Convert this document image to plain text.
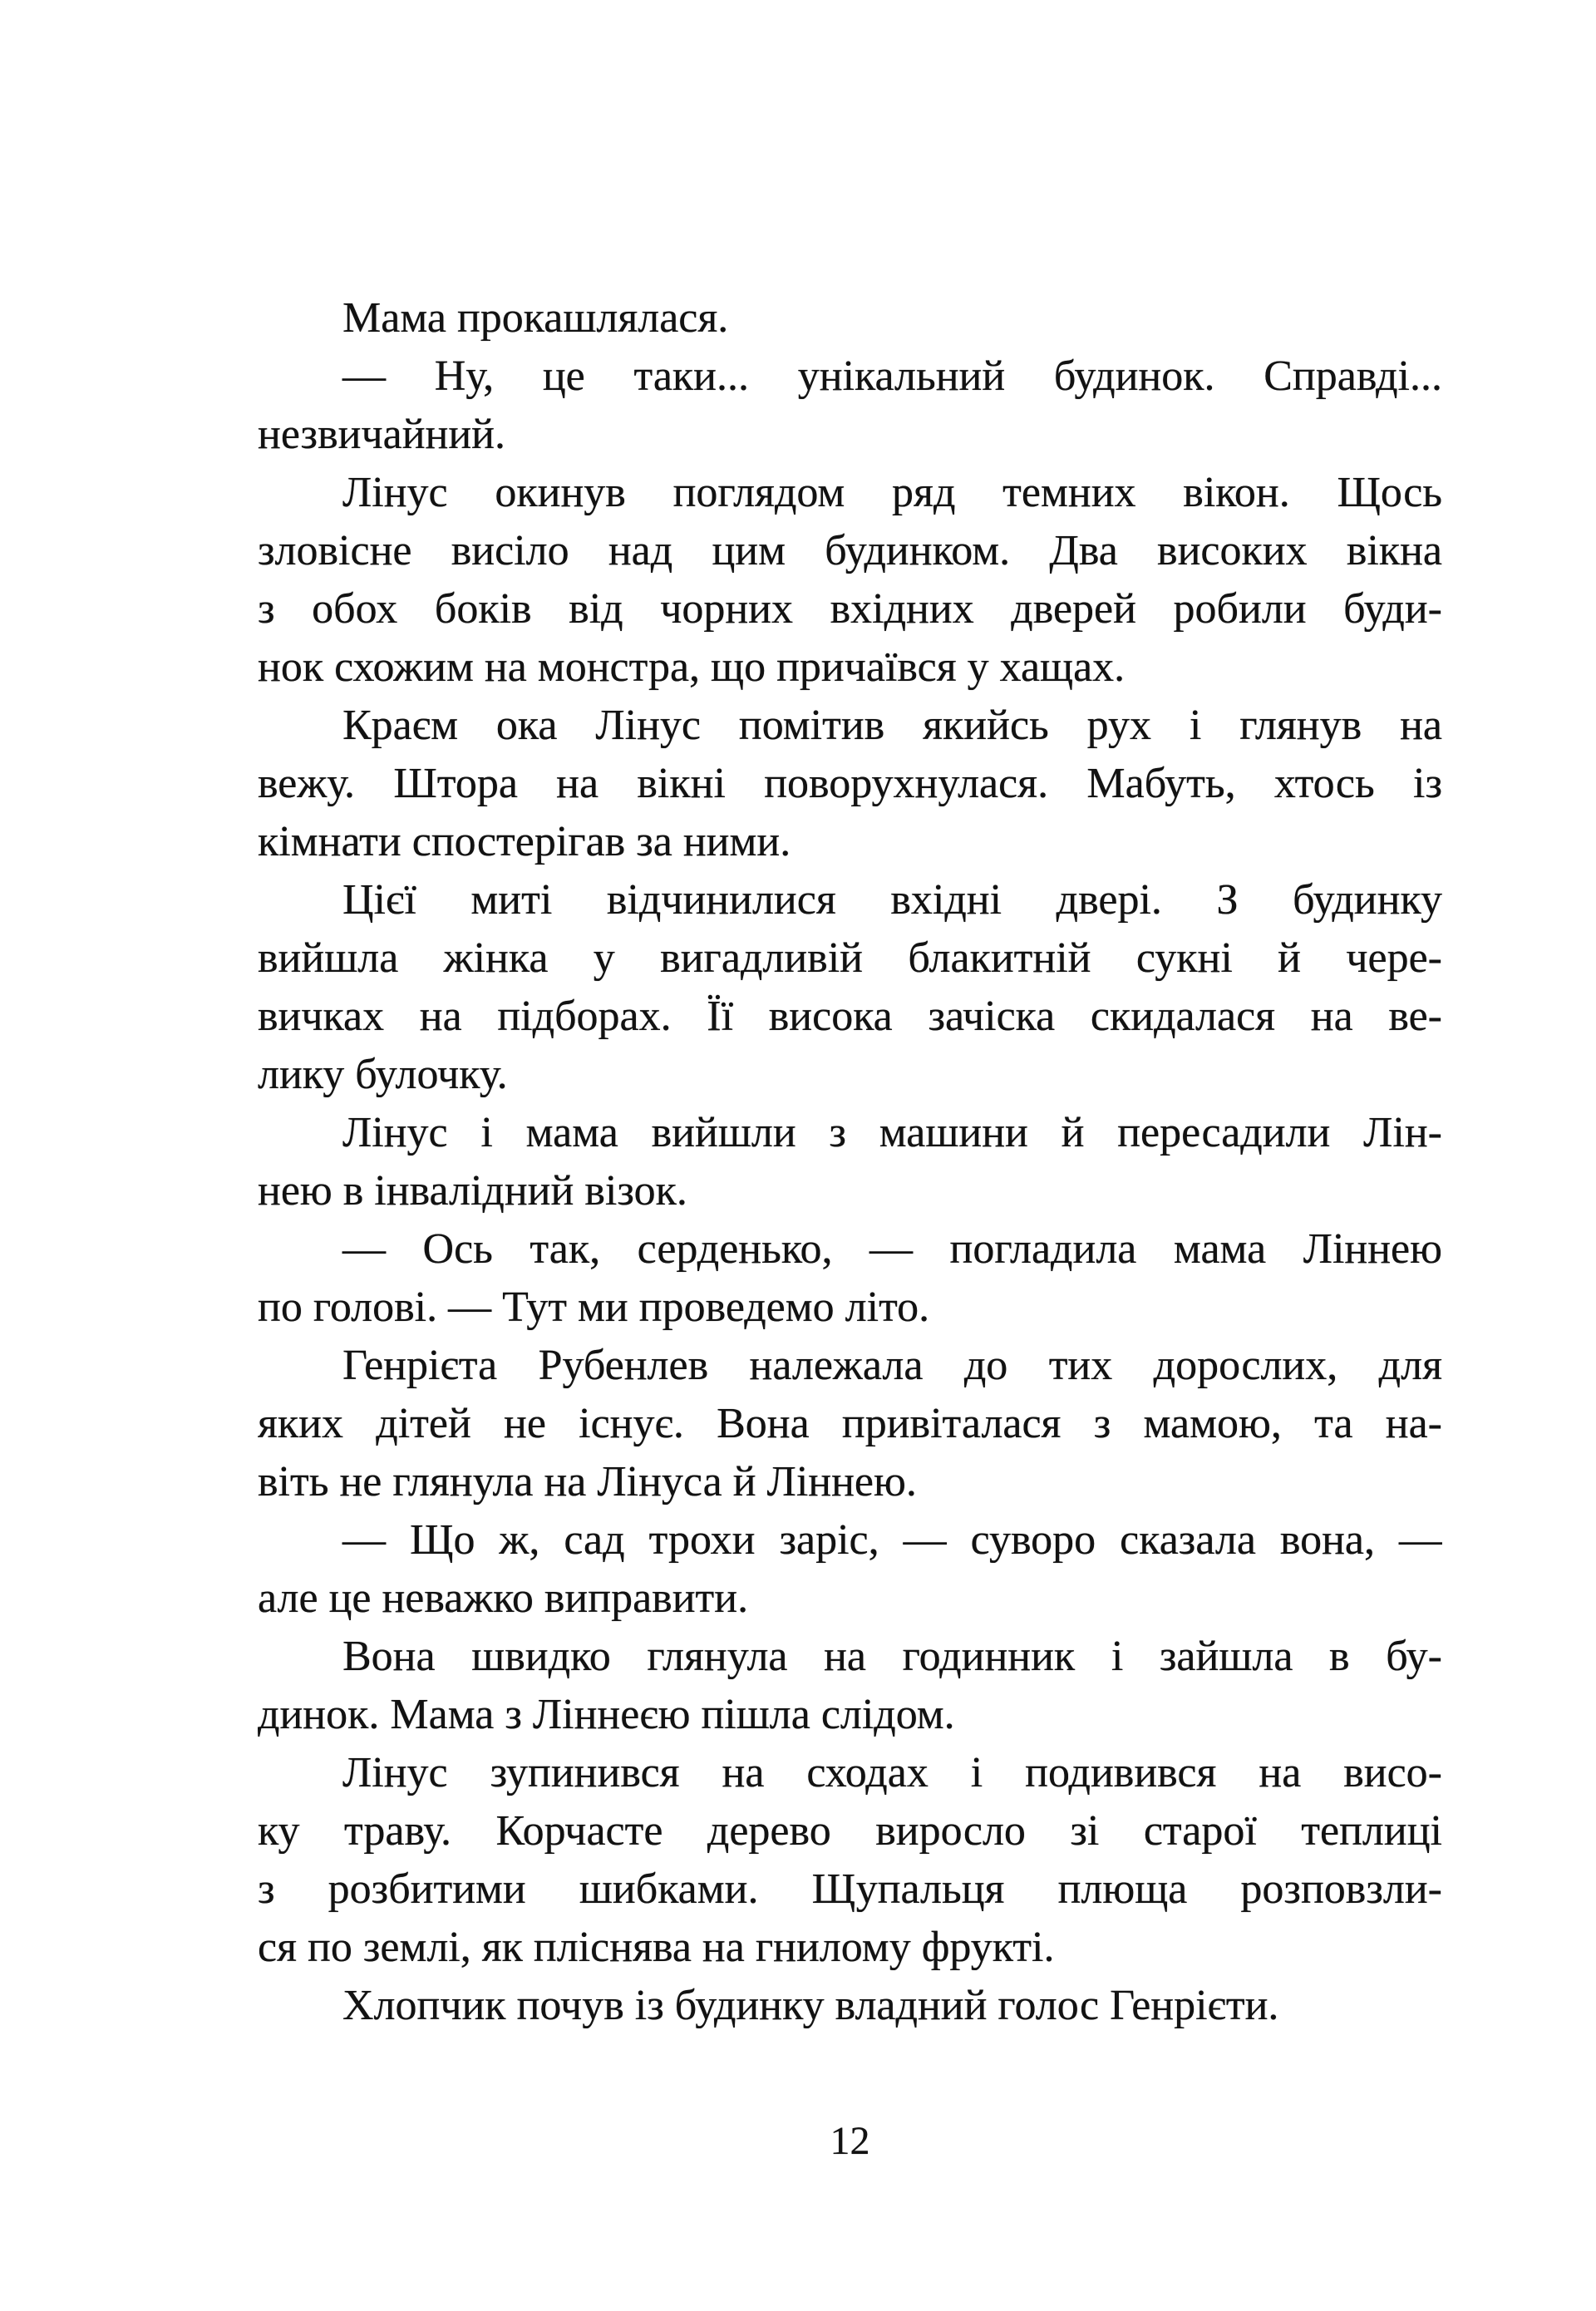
Мама прокашлялася.
— Ну, це таки... унікальний будинок. Справді...
незвичайний.
Лінус окинув поглядом ряд темних вікон. Щось
зловісне висіло над цим будинком. Два високих вікна
з обох боків від чорних вхідних дверей робили буди-
нок схожим на монстра, що причаївся у хащах.
Краєм ока Лінус помітив якийсь рух і глянув на
вежу. Штора на вікні поворухнулася. Мабуть, хтось із
кімнати спостерігав за ними.
Цієї миті відчинилися вхідні двері. З будинку
вийшла жінка у вигадливій блакитній сукні й чере-
вичках на підборах. Її висока зачіска скидалася на ве-
лику булочку.
Лінус і мама вийшли з машини й пересадили Лін-
нею в інвалідний візок.
— Ось так, серденько, — погладила мама Ліннею
по голові. — Тут ми проведемо літо.
Генрієта Рубенлев належала до тих дорослих, для
яких дітей не існує. Вона привіталася з мамою, та на-
віть не глянула на Лінуса й Ліннею.
— Що ж, сад трохи заріс, — суворо сказала вона, —
але це неважко виправити.
Вона швидко глянула на годинник і зайшла в бу-
динок. Мама з Ліннеєю пішла слідом.
Лінус зупинився на сходах і подивився на висо-
ку траву. Корчасте дерево виросло зі старої теплиці
з розбитими шибками. Щупальця плюща розповзли-
ся по землі, як пліснява на гнилому фрукті.
Хлопчик почув із будинку владний голос Генрієти.
12
